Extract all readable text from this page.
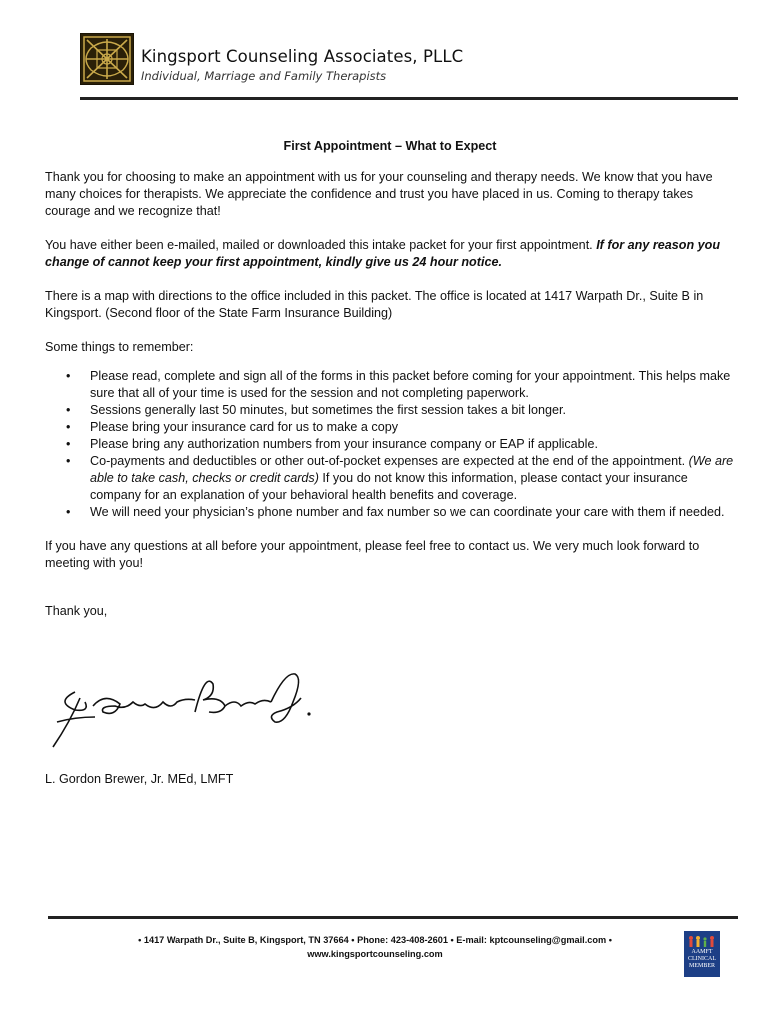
Kingsport Counseling Associates, PLLC
Individual, Marriage and Family Therapists
First Appointment – What to Expect

Thank you for choosing to make an appointment with us for your counseling and therapy needs. We know that you have many choices for therapists. We appreciate the confidence and trust you have placed in us. Coming to therapy takes courage and we recognize that!

You have either been e-mailed, mailed or downloaded this intake packet for your first appointment. If for any reason you change of cannot keep your first appointment, kindly give us 24 hour notice.

There is a map with directions to the office included in this packet. The office is located at 1417 Warpath Dr., Suite B in Kingsport. (Second floor of the State Farm Insurance Building)

Some things to remember:

• Please read, complete and sign all of the forms in this packet before coming for your appointment. This helps make sure that all of your time is used for the session and not completing paperwork.
• Sessions generally last 50 minutes, but sometimes the first session takes a bit longer.
• Please bring your insurance card for us to make a copy
• Please bring any authorization numbers from your insurance company or EAP if applicable.
• Co-payments and deductibles or other out-of-pocket expenses are expected at the end of the appointment. (We are able to take cash, checks or credit cards) If you do not know this information, please contact your insurance company for an explanation of your behavioral health benefits and coverage.
• We will need your physician’s phone number and fax number so we can coordinate your care with them if needed.

If you have any questions at all before your appointment, please feel free to contact us. We very much look forward to meeting with you!

Thank you,

L. Gordon Brewer, Jr. MEd, LMFT
• 1417 Warpath Dr., Suite B, Kingsport, TN 37664 • Phone: 423-408-2601 • E-mail: kptcounseling@gmail.com •
www.kingsportcounseling.com	AAMFT
CLINICAL
MEMBER
